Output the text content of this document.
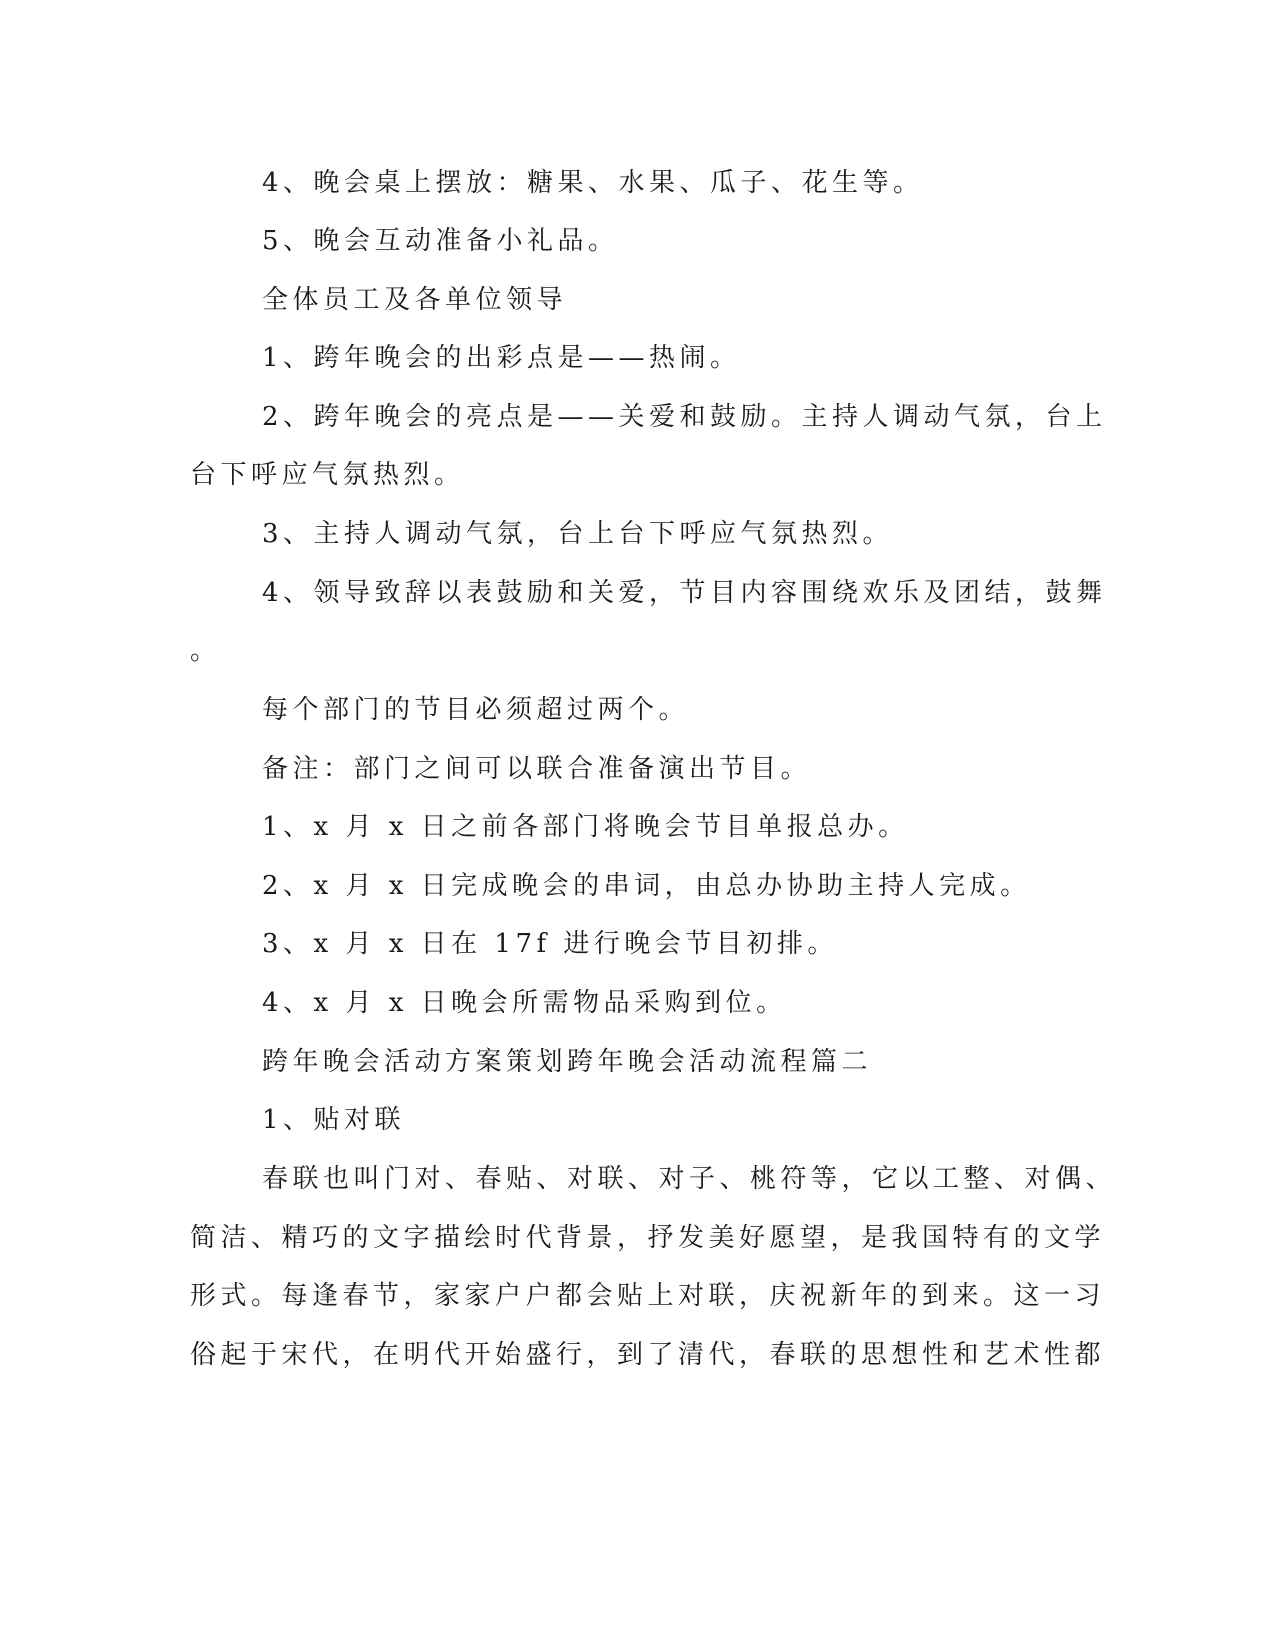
4、晚会桌上摆放：糖果、水果、瓜子、花生等。
5、晚会互动准备小礼品。
全体员工及各单位领导
1、跨年晚会的出彩点是——热闹。
2、跨年晚会的亮点是——关爱和鼓励。主持人调动气氛，台上
台下呼应气氛热烈。
3、主持人调动气氛，台上台下呼应气氛热烈。
4、领导致辞以表鼓励和关爱，节目内容围绕欢乐及团结，鼓舞
。
每个部门的节目必须超过两个。
备注：部门之间可以联合准备演出节目。
1、x 月 x 日之前各部门将晚会节目单报总办。
2、x 月 x 日完成晚会的串词，由总办协助主持人完成。
3、x 月 x 日在 17f 进行晚会节目初排。
4、x 月 x 日晚会所需物品采购到位。
跨年晚会活动方案策划跨年晚会活动流程篇二
1、贴对联
春联也叫门对、春贴、对联、对子、桃符等，它以工整、对偶、
简洁、精巧的文字描绘时代背景，抒发美好愿望，是我国特有的文学
形式。每逢春节，家家户户都会贴上对联，庆祝新年的到来。这一习
俗起于宋代，在明代开始盛行，到了清代，春联的思想性和艺术性都
